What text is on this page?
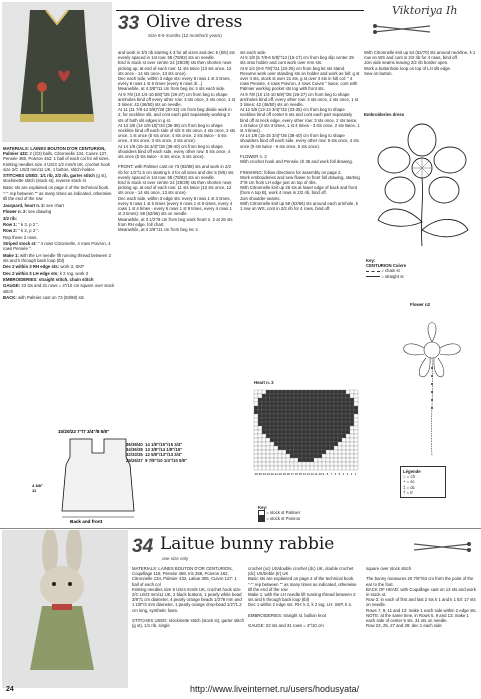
33 Olive dress
Size 6-9 months (12 months/2 years)
Viktoriya Ih
MATERIALS: LAINES BOUTON D'OR CENTURION, Palmier 432: 2 (2/3) balls, Citronnelle 134, Cuivre 127, Pensée 468, Poivron 462: 1 ball of each col for all sizes. Knitting needles size 4 US/3 1/2 mm/9 UK, crochet hook size 2/C US/3 mm/11 UK, 1 button, stitch-holder.
STITCHES USED: 1/1 rib, 2/2 rib, garter stitch (g st), stockinette stitch (stock st), reverse stock st
Basic sts are explained on page 2 of the technical book.
"-": rep between "" as many times as indicated, otherwise till the end of the row
Jacquard, heart n. 2: see chart
Flower n. 2: see drawing
3/2 rib:
Row 1: " k 3, p 2 ".
Row 2: " k 2, p 3 ".
Rep these 2 rows.
Striped stock st: " 4 rows Citronnelle, 4 rows Poivron, 4 rows Pensée ".
Make 1: with the LH needle lift running thread between 2 sts and k through back loop (tbl)
Dec 2 within 3 RH edge sts: work 3, SKP
Dec 2 within 3 LH edge sts: k 2 rog, work 3
EMBROIDERIES: straight stitch, chain stitch
GAUGE: 23 sts and 31 rows = 4"/10 cm square over stock stitch
BACK: with Palmier cast on 73 (83/88) sts
10/20/22 7"/7 3/4"/8 5/8"
Back and front
4 3/8"
11
36/38/40  14 1/8"/15"/15 3/4"
34/36/38  13 3/8"/14 1/8"/15"
32/33/35  12 5/8"/13"/13 3/4"
25/26/27  9 7/8"/10 1/4"/10 5/8"
and work in 3/3 rib starting k 3 for all sizes and dec 5 (5/6) sts evenly spaced in 1st row: 68 (78/82) sts on needle.
End in stock st over centre 24 (28/28) sts then shorten rows picking up, at end of each row: 11 sts twice (13 sts once, 12 sts once - 14 sts once, 13 sts once).
Dec each side, within 3 edge sts: every 8 rows 1 st 3 times, every 6 rows 1 st 6 times (every 6 rows 3/...)
Meanwhile, at 4 3/8"/11 cm from beg inc 4 sts each side.
At 9 7/8 (10 1/4-10 5/8)"/25 (26-27) cm from beg to shape armholes bind off every other row: 3 sts once, 2 sts once, 1 st 3 times: 42 (46/50) sts on needle.
At 11 (11 7/8-12 5/8)"/28 (30-32) cm from beg divide work in 2, for neckline slit, and cont each part separately working 3 sts of both slit edges in g st.
At 13 3/8 (14 1/8-15)"/34 (36-38) cm from beg to shape neckline bind off each side of slit: 5 sts once, 4 sts once, 2 sts once, 1 st once (5 sts once; 4 sts once, 2 sts twice - 5 sts once, 4 sts once, 3 sts once, 2 sts once).
At 14 1/8 (15-15 3/4)"/36 (38-40) cm from beg to shape shoulders bind off each side, every other row: 5 sts once, 4 sts once (5 sts twice - 6 sts once, 5 sts once).

FRONT: with Palmier cast on 73 (83/88) sts and work in 2/2 rib for 1/2"/1.5 cm starting k 3 for all sizes and dec 5 (5/6) sts evenly spaced in 1st row: 68 (78/82) sts on needle.
End in stock st over centre 24 (28/28) sts then shorten rows picking up, at end of each row: 11 sts twice (13 sts once, 12 sts once - 14 sts once, 13 sts once).
Dec each side, within 3 edge sts: every 8 rows 1 st 3 times, every 6 rows 1 st 6 times (every 6 rows 1 st 8 times, every 4 rows 1 st 4 times - every 6 rows 1 st 9 times, every 4 rows 1 st 3 times): 58 (62/66) sts on needle.
Meanwhile, at 3 1/2"/9 cm from beg work heart n. 2 at 26 sts from RH edge, foll chart.
Meanwhile, at 4 3/8"/11 cm from beg inc 4
sts each side.
At 5 1/8 (5 7/8-6 5/8)"/13 (15-17) cm from beg slip center 29 sts onto holder and cont work over rem sts.
At 8 1/4 (9-9 7/8)"/21 (23-25) cm from beg let sts stand.
Resume work over standing sts on holder and work as foll: g st over 4 sts, stock st over 21 sts, g st over 4 sts in foll col: " 4 rows Pensée, 4 rows Poivron, 4 rows Cuivre " twice, cont with Palmier working pocket sts tog with front sts.
At 9 7/8 (10 1/4-10 5/8)"/25 (26-27) cm from beg to shape armholes bind off, every other row: 3 sts once, 2 sts once, 1 st 3 times: 42 (46/50) sts on needle.
At 12 5/8 (13-13 3/4)"/32 (33-35) cm from beg to shape neckline bind off center 6 sts and cont each part separately bind off at neck edge, every other row: 3 sts once, 2 sts twice, 1 st twice (2 sts 3 times, 1 st 4 times - 3 sts once, 2 sts twice, 1 st 4 times).
At 14 1/8 (15-15 3/4)"/36 (38-40) cm from beg to shape shoulders bind off each side, every other row: 5 sts once, 4 sts once (5 sts twice - 6 sts once, 5 sts once).

FLOWER n. 2
With crochet hook and Pensée ch 36 and work foll drawing.

FINISHING: follow directions for assembly on page 2.
Work embroideries and sew flower to front foll drawing, starting 3"/8 cm from LH edge just on top of ribs.
With Citronnelle knit up 26 sts at lower edge of back and front (from A top B), work 4 rows in 2/2 rib, bind off.
Join shoulder seams.
With Citronnelle knit up 58 (62/66) sts around each armhole, k 1 row on WS, cont in 2/2 rib for 4 rows, bind off.
With Citronnelle knit up 54 (62/70) sts around neckline, k 1 row on WS and cont in 2/2 rib for 4 rows, bind off.
Join side seams leaving 2/2 rib border open.
Work a buttonhole loop on top of LH slit edge.
Sew on button.
Embroideries dress
Key:
CENTURION Cuivre
= chain st
= straight st
Flower n2
Légende
○ = ch
+ = sc
‡ = dc
† = tr
Heart n. 2
26 25 24 23 22 21 20 19 18 17 16 15 14 13 12 11 10 9 8 7 6 5 4 3 2 1
Key:
= stock st Palmier
= stock st Poivron
34 Laitue bunny rabbie
one size only
MATERIALS: LAINES BOUTON D'OR CENTURION, Coquillage 118, Pensée 468, Iris 258, Poivron 462, Citronnelle 134, Palmier 432, Laitue 305, Cuivre 127: 1 ball of each col
Knitting needles size 5 US/4 mm/8 UK, crochet hook size 2/C US/3 mm/11 UK, 2 black buttons, 1 pearly white bead 3/8"/1 cm diameter, 4 pearly orange beads 1/3"/8 mm and 1 1/8"/3 mm diameter, 1 pearly orange drop-bead 1/2"/1.2 cm long, synthetic foam.

STITCHES USED: stockinette stitch (stock st), garter stitch (g st), 1/1 rib, single
crochet (sc) US/double crochet (dc) UK, double crochet (dc) US/treble (tr) UK
Basic sts are explained on page 2 of the technical book.
"-": rep between "" as many times as indicated, otherwise till the end of the row
Make 1: with the LH needle lift running thread between 2 sts and k through back loop (tbl)
Dec 1 within 2 edge sts: RH: k 2, k 2 tog, LH: SKP, k 2.

EMBROIDERIES: straight st, bullion knot

GAUGE: 23 sts and 31 rows = 4"/10 cm
square over stock stitch

The bunny measures 20 7/8"/53 cm from the point of the ear to the foot.
BACK OF HEAD: with Coquillage cast on 13 sts and work in stock st.
Row 3: in each of first and last 2 sts k 1 and k 1 tbl: 17 sts on needle.
Rows 7, 9, 11 and 13: make 1 each side within 2 edge sts.
NOTE: at the same time, in Rows 5, 9 and 13: make 1 each side of center 5 sts. 31 sts on needle.
Row 23, 25, 27 and 29: dec 1 each side
24	http://www.liveinternet.ru/users/hodusyata/
